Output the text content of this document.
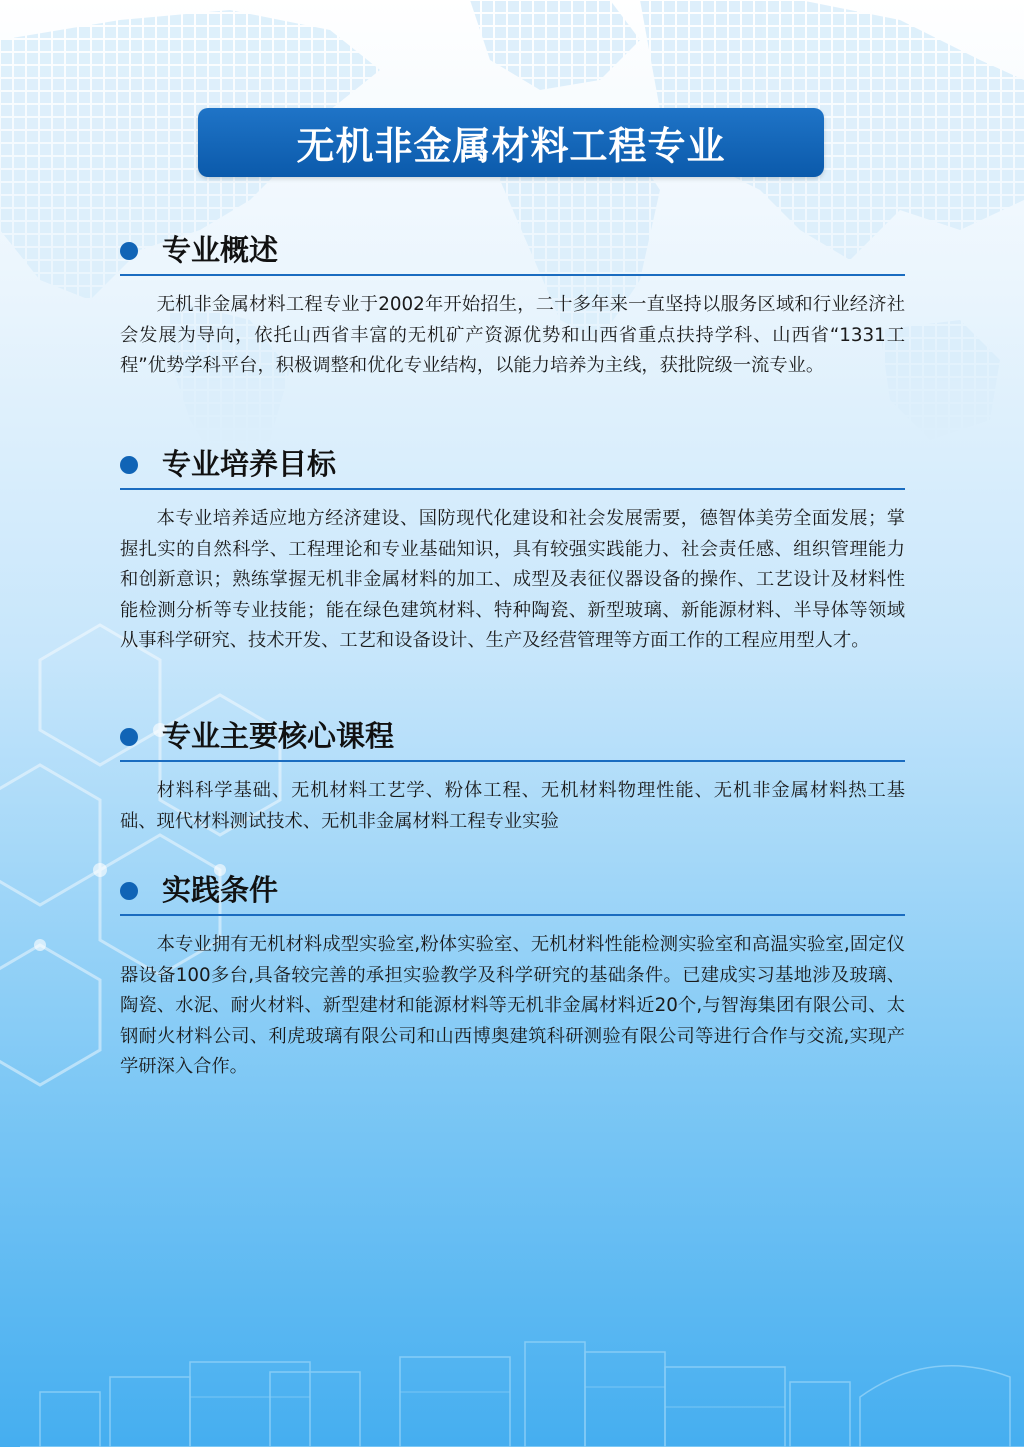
无机非金属材料工程专业
专业概述
无机非金属材料工程专业于2002年开始招生，二十多年来一直坚持以服务区域和行业经济社会发展为导向，依托山西省丰富的无机矿产资源优势和山西省重点扶持学科、山西省“1331工程”优势学科平台，积极调整和优化专业结构，以能力培养为主线，获批院级一流专业。
专业培养目标
本专业培养适应地方经济建设、国防现代化建设和社会发展需要，德智体美劳全面发展；掌握扎实的自然科学、工程理论和专业基础知识，具有较强实践能力、社会责任感、组织管理能力和创新意识；熟练掌握无机非金属材料的加工、成型及表征仪器设备的操作、工艺设计及材料性能检测分析等专业技能；能在绿色建筑材料、特种陶瓷、新型玻璃、新能源材料、半导体等领域从事科学研究、技术开发、工艺和设备设计、生产及经营管理等方面工作的工程应用型人才。
专业主要核心课程
材料科学基础、无机材料工艺学、粉体工程、无机材料物理性能、无机非金属材料热工基础、现代材料测试技术、无机非金属材料工程专业实验
实践条件
本专业拥有无机材料成型实验室,粉体实验室、无机材料性能检测实验室和高温实验室,固定仪器设备100多台,具备较完善的承担实验教学及科学研究的基础条件。已建成实习基地涉及玻璃、陶瓷、水泥、耐火材料、新型建材和能源材料等无机非金属材料近20个,与智海集团有限公司、太钢耐火材料公司、利虎玻璃有限公司和山西博奥建筑科研测验有限公司等进行合作与交流,实现产学研深入合作。
